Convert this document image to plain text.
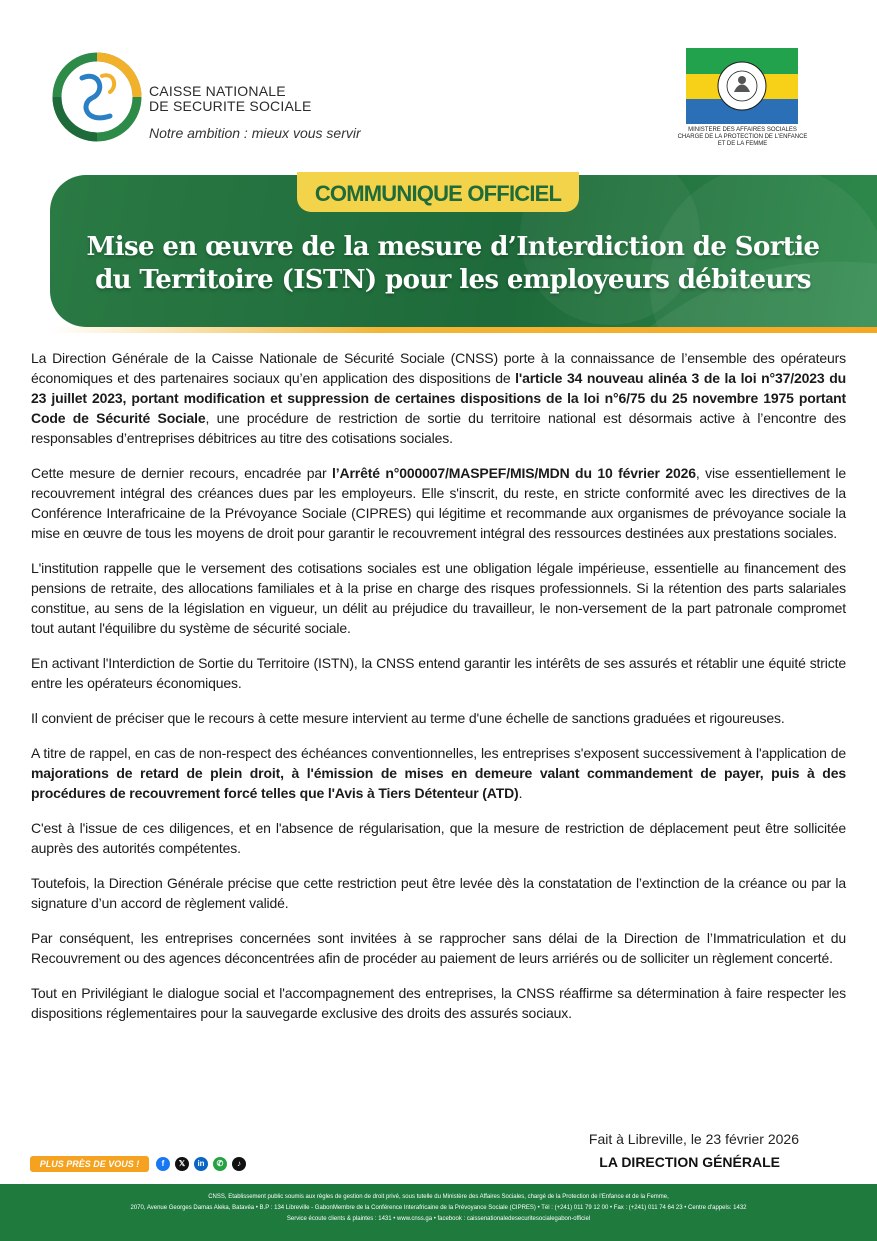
CAISSE NATIONALE
DE SECURITE SOCIALE
Notre ambition : mieux vous servir	MINISTERE DES AFFAIRES SOCIALES
CHARGE DE LA PROTECTION DE L'ENFANCE
ET DE LA FEMME
COMMUNIQUE OFFICIEL
Mise en œuvre de la mesure d’Interdiction de Sortie
du Territoire (ISTN) pour les employeurs débiteurs

La Direction Générale de la Caisse Nationale de Sécurité Sociale (CNSS) porte à la connaissance de l’ensemble des opérateurs économiques et des partenaires sociaux qu’en application des dispositions de l'article 34 nouveau alinéa 3 de la loi n°37/2023 du 23 juillet 2023, portant modification et suppression de certaines dispositions de la loi n°6/75 du 25 novembre 1975 portant Code de Sécurité Sociale, une procédure de restriction de sortie du territoire national est désormais active à l’encontre des responsables d’entreprises débitrices au titre des cotisations sociales.

Cette mesure de dernier recours, encadrée par l’Arrêté n°000007/MASPEF/MIS/MDN du 10 février 2026, vise essentiellement le recouvrement intégral des créances dues par les employeurs. Elle s'inscrit, du reste, en stricte conformité avec les directives de la Conférence Interafricaine de la Prévoyance Sociale (CIPRES) qui légitime et recommande aux organismes de prévoyance sociale la mise en œuvre de tous les moyens de droit pour garantir le recouvrement intégral des ressources destinées aux prestations sociales.

L'institution rappelle que le versement des cotisations sociales est une obligation légale impérieuse, essentielle au financement des pensions de retraite, des allocations familiales et à la prise en charge des risques professionnels. Si la rétention des parts salariales constitue, au sens de la législation en vigueur, un délit au préjudice du travailleur, le non-versement de la part patronale compromet tout autant l'équilibre du système de sécurité sociale.

En activant l'Interdiction de Sortie du Territoire (ISTN), la CNSS entend garantir les intérêts de ses assurés et rétablir une équité stricte entre les opérateurs économiques.

Il convient de préciser que le recours à cette mesure intervient au terme d'une échelle de sanctions graduées et rigoureuses.

A titre de rappel, en cas de non-respect des échéances conventionnelles, les entreprises s'exposent successivement à l'application de majorations de retard de plein droit, à l'émission de mises en demeure valant commandement de payer, puis à des procédures de recouvrement forcé telles que l'Avis à Tiers Détenteur (ATD).

C'est à l'issue de ces diligences, et en l'absence de régularisation, que la mesure de restriction de déplacement peut être sollicitée auprès des autorités compétentes.

Toutefois, la Direction Générale précise que cette restriction peut être levée dès la constatation de l’extinction de la créance ou par la signature d’un accord de règlement validé.

Par conséquent, les entreprises concernées sont invitées à se rapprocher sans délai de la Direction de l’Immatriculation et du Recouvrement ou des agences déconcentrées afin de procéder au paiement de leurs arriérés ou de solliciter un règlement concerté.

Tout en Privilégiant le dialogue social et l'accompagnement des entreprises, la CNSS réaffirme sa détermination à faire respecter les dispositions réglementaires pour la sauvegarde exclusive des droits des assurés sociaux.

Fait à Libreville, le 23 février 2026
LA DIRECTION GÉNÉRALE
PLUS PRÈS DE VOUS !	f	𝕏	in	✆	♪
CNSS, Etablissement public soumis aux règles de gestion de droit privé, sous tutelle du Ministère des Affaires Sociales, chargé de la Protection de l'Enfance et de la Femme,
2070, Avenue Georges Damas Aleka, Batavéa • B.P : 134 Libreville - GabonMembre de la Conférence Interafricaine de la Prévoyance Sociale (CIPRES) • Tél : (+241) 011 79 12 00 • Fax : (+241) 011 74 64 23 • Centre d'appels: 1432
Service écoute clients & plaintes : 1431 • www.cnss.ga • facebook : caissenationaledesecuritesocialegabon-officiel
